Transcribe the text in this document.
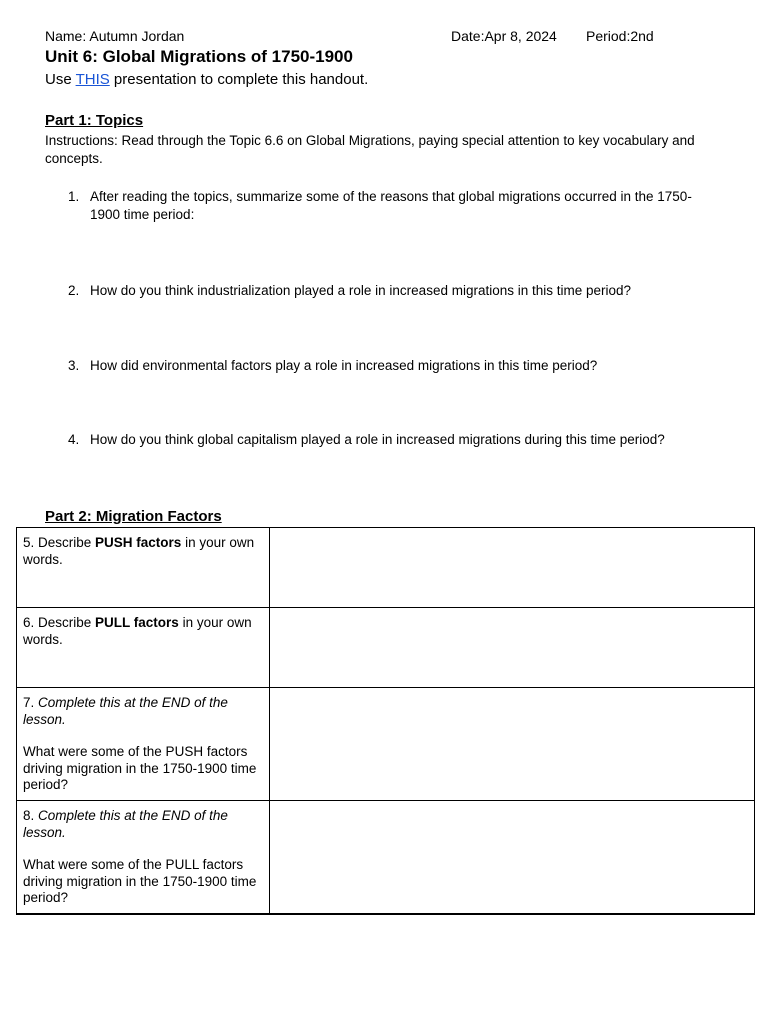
Name: Autumn Jordan	Date:Apr 8, 2024 Period:2nd
Unit 6: Global Migrations of 1750-1900
Use THIS presentation to complete this handout.
Part 1: Topics
Instructions: Read through the Topic 6.6 on Global Migrations, paying special attention to key vocabulary and concepts.
1. After reading the topics, summarize some of the reasons that global migrations occurred in the 1750-1900 time period:
2. How do you think industrialization played a role in increased migrations in this time period?
3. How did environmental factors play a role in increased migrations in this time period?
4. How do you think global capitalism played a role in increased migrations during this time period?
Part 2: Migration Factors
5. Describe PUSH factors in your own words.	
6. Describe PULL factors in your own words.	
7. Complete this at the END of the lesson.
What were some of the PUSH factors driving migration in the 1750-1900 time period?	
8. Complete this at the END of the lesson.
What were some of the PULL factors driving migration in the 1750-1900 time period?	
